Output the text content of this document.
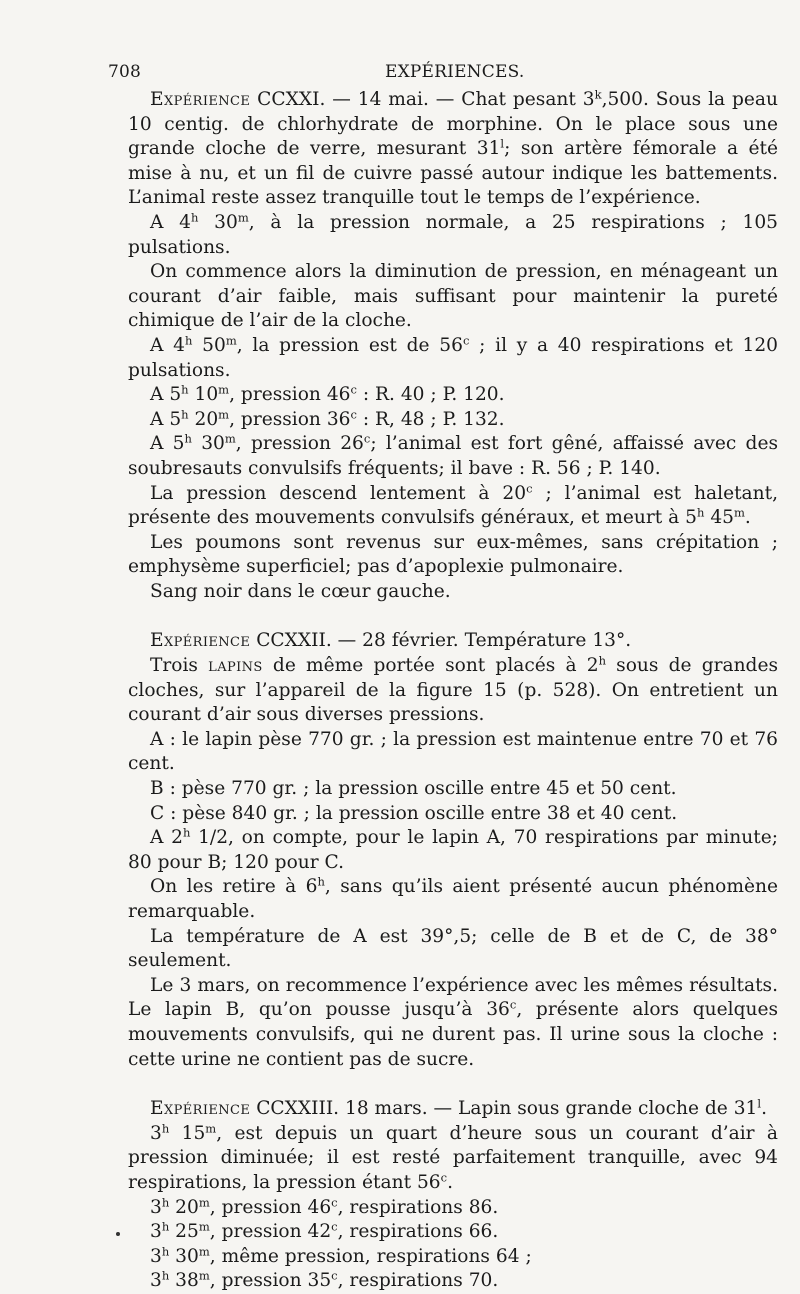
708	EXPÉRIENCES.

Expérience CCXXI. — 14 mai. — Chat pesant 3$^k$,500. Sous la peau 10 centig. de chlorhydrate de morphine. On le place sous une grande cloche de verre, mesurant 31$^l$; son artère fémorale a été mise à nu, et un fil de cuivre passé autour indique les battements. L’animal reste assez tranquille tout le temps de l’expérience.

A 4$^h$ 30$^m$, à la pression normale, a 25 respirations ; 105 pulsations.

On commence alors la diminution de pression, en ménageant un courant d’air faible, mais suffisant pour maintenir la pureté chimique de l’air de la cloche.

A 4$^h$ 50$^m$, la pression est de 56$^c$ ; il y a 40 respirations et 120 pulsations.

A 5$^h$ 10$^m$, pression 46$^c$ : R. 40 ; P. 120.

A 5$^h$ 20$^m$, pression 36$^c$ : R, 48 ; P. 132.

A 5$^h$ 30$^m$, pression 26$^c$; l’animal est fort gêné, affaissé avec des soubresauts convulsifs fréquents; il bave : R. 56 ; P. 140.

La pression descend lentement à 20$^c$ ; l’animal est haletant, présente des mouvements convulsifs généraux, et meurt à 5$^h$ 45$^m$.

Les poumons sont revenus sur eux-mêmes, sans crépitation ; emphysème superficiel; pas d’apoplexie pulmonaire.

Sang noir dans le cœur gauche.

Expérience CCXXII. — 28 février. Température 13°.

Trois lapins de même portée sont placés à 2$^h$ sous de grandes cloches, sur l’appareil de la figure 15 (p. 528). On entretient un courant d’air sous diverses pressions.

A : le lapin pèse 770 gr. ; la pression est maintenue entre 70 et 76 cent.

B : pèse 770 gr. ; la pression oscille entre 45 et 50 cent.

C : pèse 840 gr. ; la pression oscille entre 38 et 40 cent.

A 2$^h$ 1/2, on compte, pour le lapin A, 70 respirations par minute; 80 pour B; 120 pour C.

On les retire à 6$^h$, sans qu’ils aient présenté aucun phénomène remarquable.

La température de A est 39°,5; celle de B et de C, de 38° seulement.

Le 3 mars, on recommence l’expérience avec les mêmes résultats. Le lapin B, qu’on pousse jusqu’à 36$^c$, présente alors quelques mouvements convulsifs, qui ne durent pas. Il urine sous la cloche : cette urine ne contient pas de sucre.

Expérience CCXXIII. 18 mars. — Lapin sous grande cloche de 31$^l$.

3$^h$ 15$^m$, est depuis un quart d’heure sous un courant d’air à pression diminuée; il est resté parfaitement tranquille, avec 94 respirations, la pression étant 56$^c$.

3$^h$ 20$^m$, pression 46$^c$, respirations 86.

3$^h$ 25$^m$, pression 42$^c$, respirations 66.

3$^h$ 30$^m$, même pression, respirations 64 ;

3$^h$ 38$^m$, pression 35$^c$, respirations 70.
